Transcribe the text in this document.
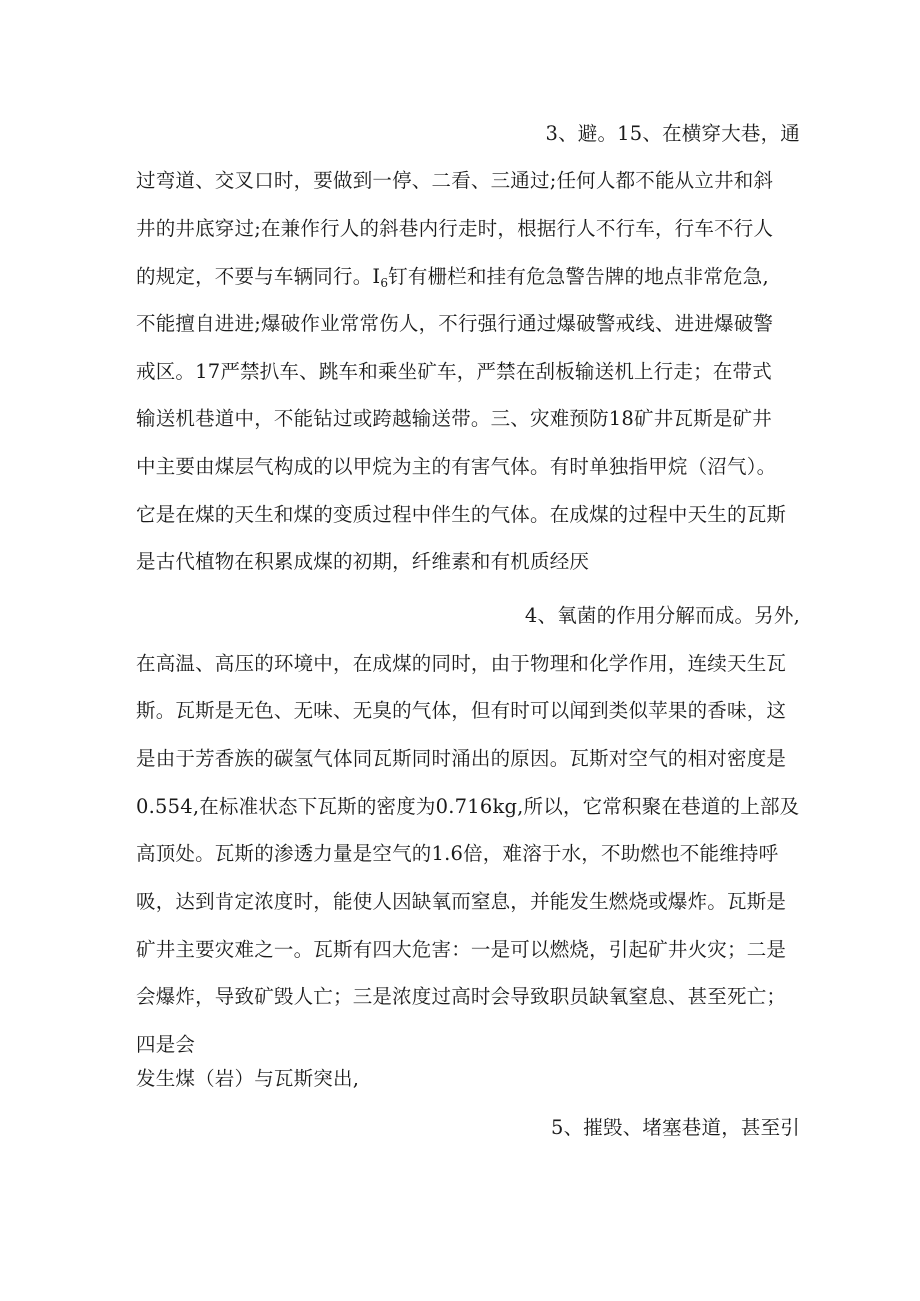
3、避。15、在横穿大巷，通
过弯道、交叉口时，要做到一停、二看、三通过;任何人都不能从立井和斜
井的井底穿过;在兼作行人的斜巷内行走时，根据行人不行车，行车不行人
的规定，不要与车辆同行。$I_6$钉有栅栏和挂有危急警告牌的地点非常危急,
不能擅自进进;爆破作业常常伤人，不行强行通过爆破警戒线、进进爆破警
戒区。17严禁扒车、跳车和乘坐矿车，严禁在刮板输送机上行走；在带式
输送机巷道中，不能钻过或跨越输送带。三、灾难预防18矿井瓦斯是矿井
中主要由煤层气构成的以甲烷为主的有害气体。有时单独指甲烷（沼气）。
它是在煤的天生和煤的变质过程中伴生的气体。在成煤的过程中天生的瓦斯
是古代植物在积累成煤的初期，纤维素和有机质经厌
4、氧菌的作用分解而成。另外,
在高温、高压的环境中，在成煤的同时，由于物理和化学作用，连续天生瓦
斯。瓦斯是无色、无味、无臭的气体，但有时可以闻到类似苹果的香味，这
是由于芳香族的碳氢气体同瓦斯同时涌出的原因。瓦斯对空气的相对密度是
0.554,在标准状态下瓦斯的密度为0.716kg,所以，它常积聚在巷道的上部及
高顶处。瓦斯的渗透力量是空气的1.6倍，难溶于水，不助燃也不能维持呼
吸，达到肯定浓度时，能使人因缺氧而窒息，并能发生燃烧或爆炸。瓦斯是
矿井主要灾难之一。瓦斯有四大危害：一是可以燃烧，引起矿井火灾；二是
会爆炸，导致矿毁人亡；三是浓度过高时会导致职员缺氧窒息、甚至死亡；
四是会
发生煤（岩）与瓦斯突出,
5、摧毁、堵塞巷道，甚至引
